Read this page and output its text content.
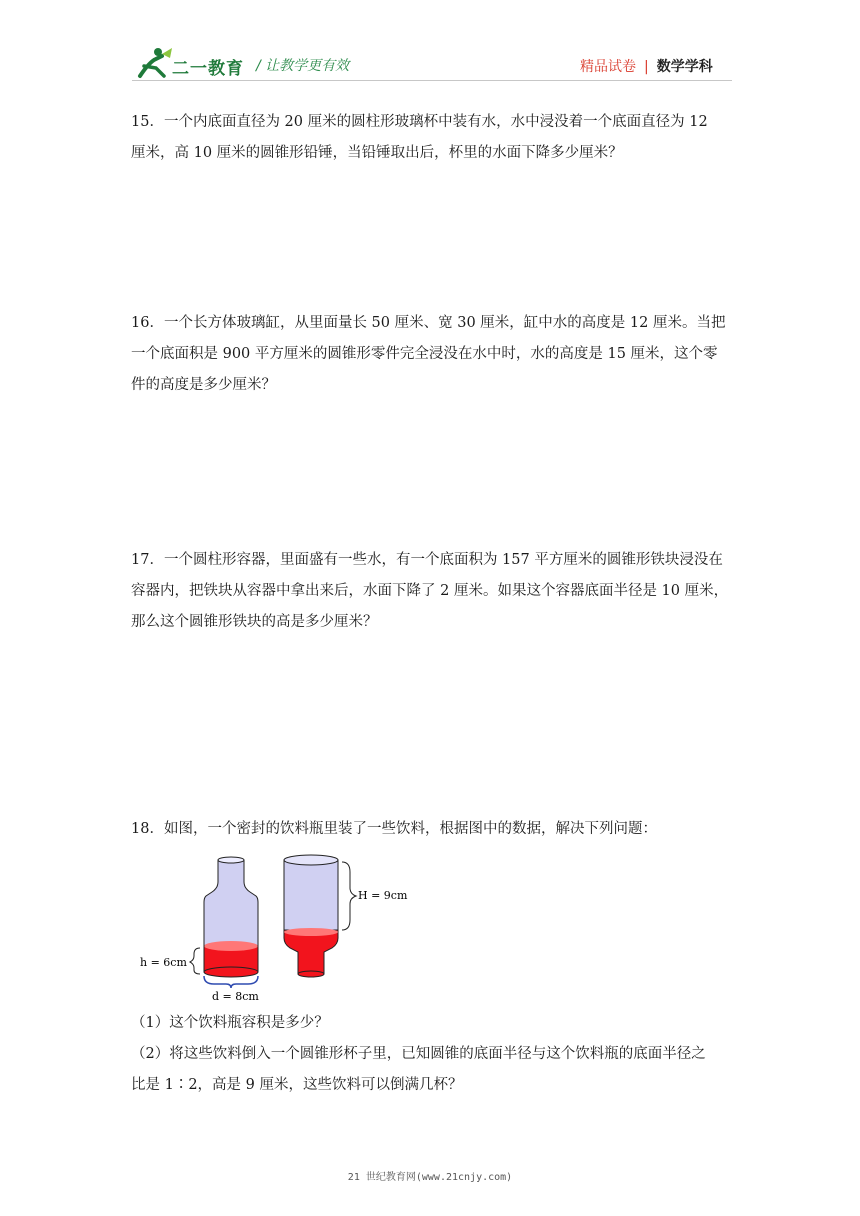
二一教育 / 让教学更有效	精品试卷 | 数学学科

15．一个内底面直径为 20 厘米的圆柱形玻璃杯中装有水，水中浸没着一个底面直径为 12

厘米，高 10 厘米的圆锥形铅锤，当铅锤取出后，杯里的水面下降多少厘米？

16．一个长方体玻璃缸，从里面量长 50 厘米、宽 30 厘米，缸中水的高度是 12 厘米。当把

一个底面积是 900 平方厘米的圆锥形零件完全浸没在水中时，水的高度是 15 厘米，这个零

件的高度是多少厘米？

17．一个圆柱形容器，里面盛有一些水，有一个底面积为 157 平方厘米的圆锥形铁块浸没在

容器内，把铁块从容器中拿出来后，水面下降了 2 厘米。如果这个容器底面半径是 10 厘米，

那么这个圆锥形铁块的高是多少厘米？

18．如图，一个密封的饮料瓶里装了一些饮料，根据图中的数据，解决下列问题：

H = 9cm
h = 6cm
d = 8cm

（1）这个饮料瓶容积是多少？

（2）将这些饮料倒入一个圆锥形杯子里，已知圆锥的底面半径与这个饮料瓶的底面半径之

比是 1∶2，高是 9 厘米，这些饮料可以倒满几杯？

21 世纪教育网(www.21cnjy.com)
